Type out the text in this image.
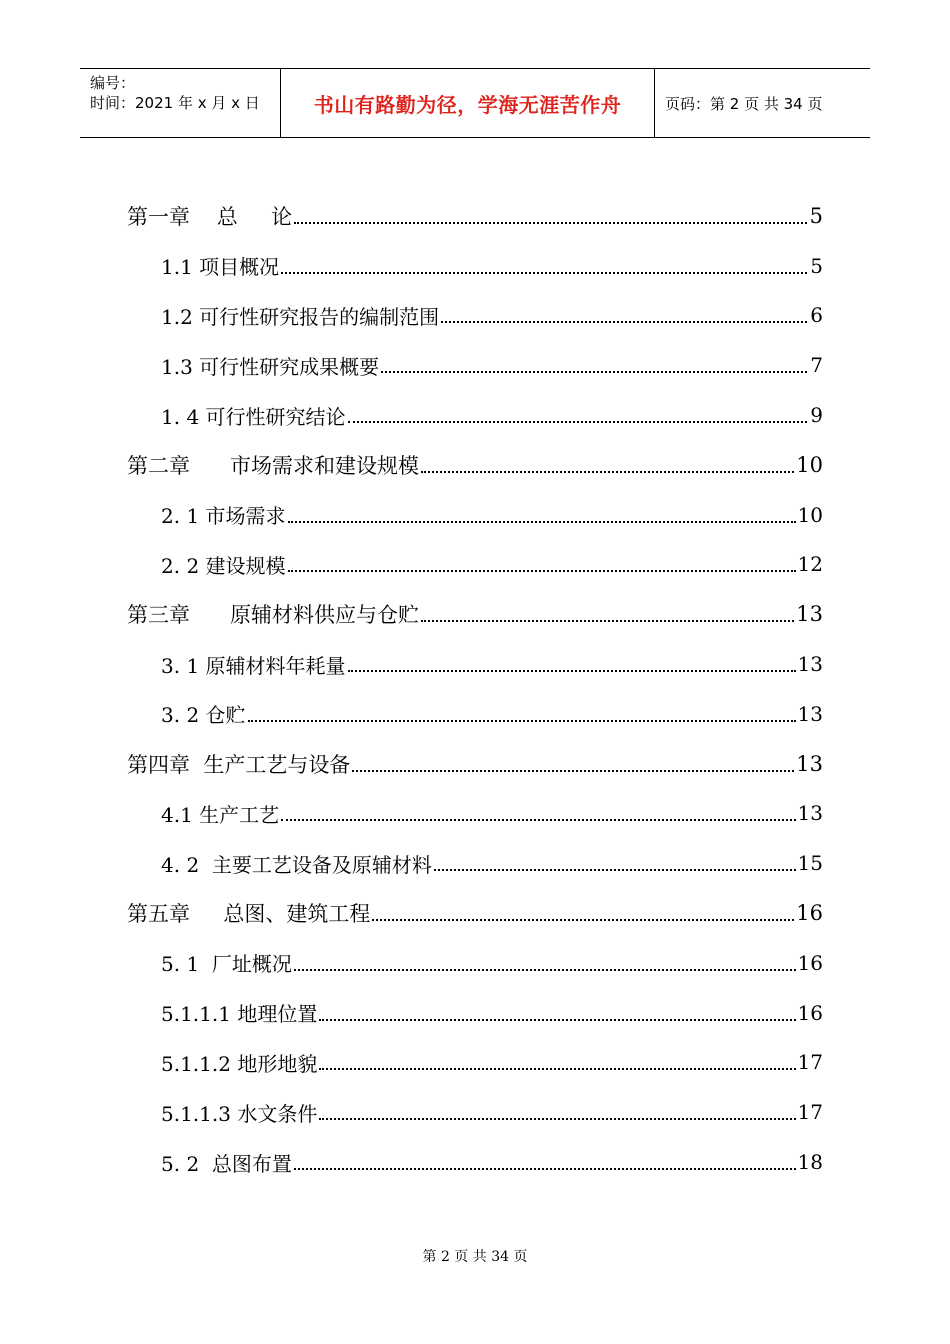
编号：
时间：2021 年 x 月 x 日	书山有路勤为径，学海无涯苦作舟	页码：第 2 页 共 34 页
第一章    总     论	5
1.1 项目概况	5
1.2 可行性研究报告的编制范围	6
1.3 可行性研究成果概要	7
1. 4 可行性研究结论	9
第二章      市场需求和建设规模	10
2. 1 市场需求	10
2. 2 建设规模	12
第三章      原辅材料供应与仓贮	13
3. 1 原辅材料年耗量	13
3. 2 仓贮	13
第四章  生产工艺与设备	13
4.1 生产工艺	13
4. 2  主要工艺设备及原辅材料	15
第五章     总图、建筑工程	16
5. 1  厂址概况	16
5.1.1.1 地理位置	16
5.1.1.2 地形地貌	17
5.1.1.3 水文条件	17
5. 2  总图布置	18
第 2 页 共 34 页
